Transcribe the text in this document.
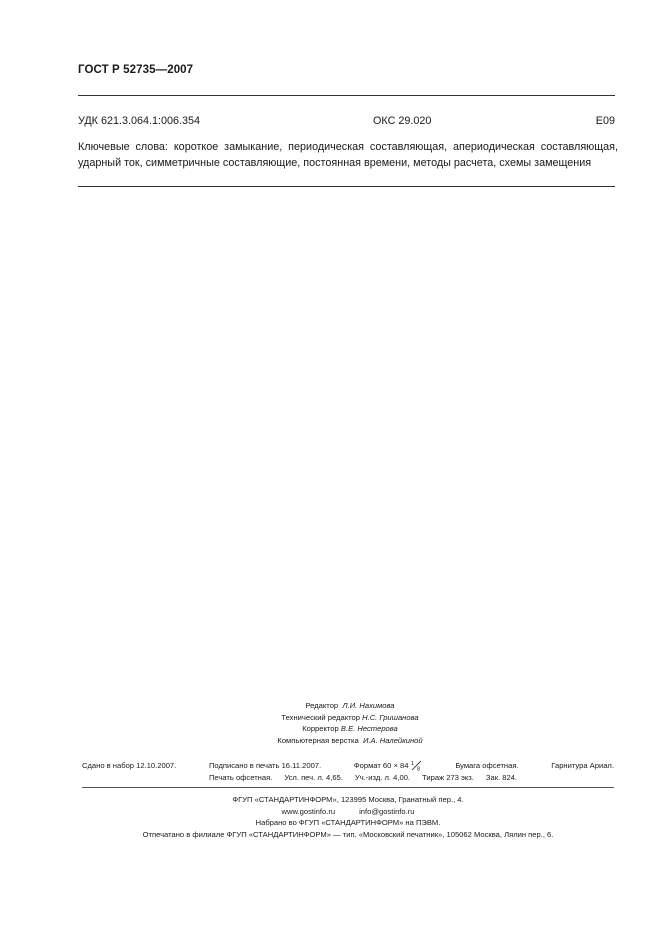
ГОСТ Р 52735—2007
УДК 621.3.064.1:006.354	ОКС 29.020	Е09
Ключевые слова: короткое замыкание, периодическая составляющая, апериодическая составляющая, ударный ток, симметричные составляющие, постоянная времени, методы расчета, схемы замещения
Редактор Л.И. Нахимова
Технический редактор Н.С. Гришанова
Корректор В.Е. Нестерова
Компьютерная верстка И.А. Налейкиной
Сдано в набор 12.10.2007.	Подписано в печать 16.11.2007.	Формат 60 × 84 1
8	Бумага офсетная.	Гарнитура Ариал.
Печать офсетная. Усл. печ. л. 4,65. Уч.-изд. л. 4,00. Тираж 273 экз. Зак. 824.
ФГУП «СТАНДАРТИНФОРМ», 123995 Москва, Гранатный пер., 4.
www.gostinfo.ru	info@gostinfo.ru
Набрано во ФГУП «СТАНДАРТИНФОРМ» на ПЭВМ.
Отпечатано в филиале ФГУП «СТАНДАРТИНФОРМ» — тип. «Московский печатник», 105062 Москва, Лялин пер., 6.
